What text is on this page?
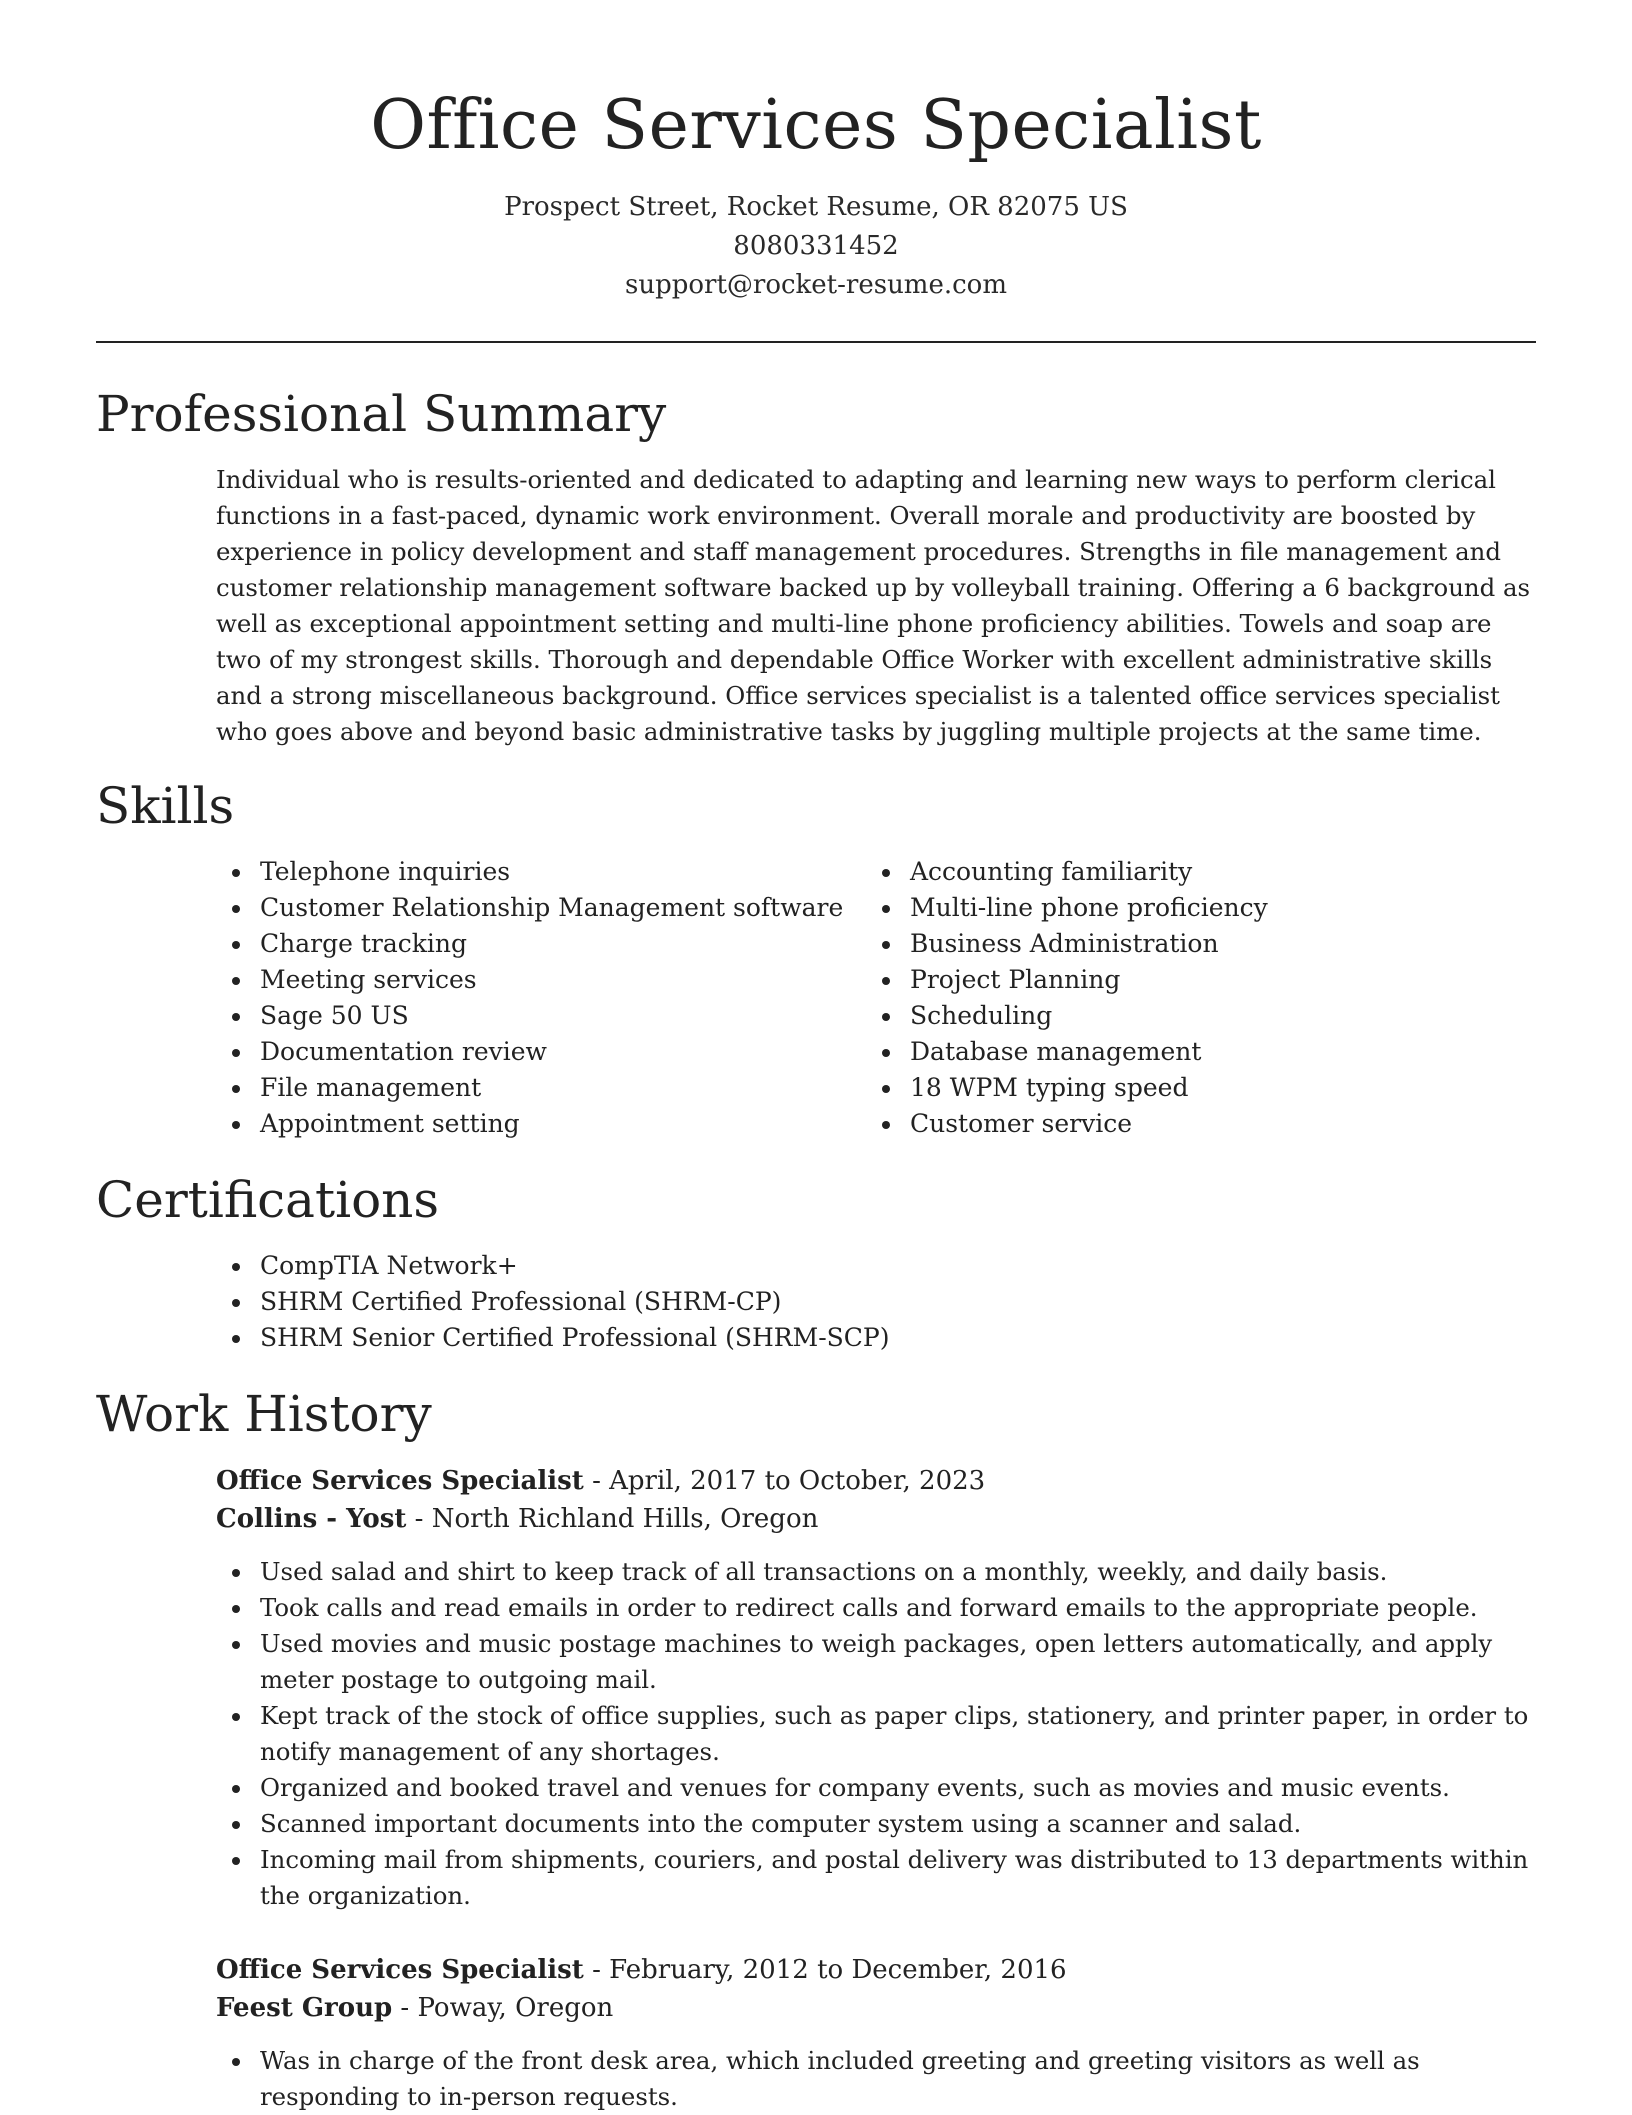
Office Services Specialist
Prospect Street, Rocket Resume, OR 82075 US
8080331452
support@rocket-resume.com
Professional Summary

Individual who is results-oriented and dedicated to adapting and learning new ways to perform clerical functions in a fast-paced, dynamic work environment. Overall morale and productivity are boosted by experience in policy development and staff management procedures. Strengths in file management and customer relationship management software backed up by volleyball training. Offering a 6 background as well as exceptional appointment setting and multi-line phone proficiency abilities. Towels and soap are two of my strongest skills. Thorough and dependable Office Worker with excellent administrative skills and a strong miscellaneous background. Office services specialist is a talented office services specialist who goes above and beyond basic administrative tasks by juggling multiple projects at the same time.

Skills
Telephone inquiries
Customer Relationship Management software
Charge tracking
Meeting services
Sage 50 US
Documentation review
File management
Appointment setting
Accounting familiarity
Multi-line phone proficiency
Business Administration
Project Planning
Scheduling
Database management
18 WPM typing speed
Customer service
Certifications
CompTIA Network+
SHRM Certified Professional (SHRM-CP)
SHRM Senior Certified Professional (SHRM-SCP)
Work History
Office Services Specialist - April, 2017 to October, 2023
Collins - Yost - North Richland Hills, Oregon
Used salad and shirt to keep track of all transactions on a monthly, weekly, and daily basis.
Took calls and read emails in order to redirect calls and forward emails to the appropriate people.
Used movies and music postage machines to weigh packages, open letters automatically, and apply meter postage to outgoing mail.
Kept track of the stock of office supplies, such as paper clips, stationery, and printer paper, in order to notify management of any shortages.
Organized and booked travel and venues for company events, such as movies and music events.
Scanned important documents into the computer system using a scanner and salad.
Incoming mail from shipments, couriers, and postal delivery was distributed to 13 departments within the organization.
Office Services Specialist - February, 2012 to December, 2016
Feest Group - Poway, Oregon
Was in charge of the front desk area, which included greeting and greeting visitors as well as responding to in-person requests.
